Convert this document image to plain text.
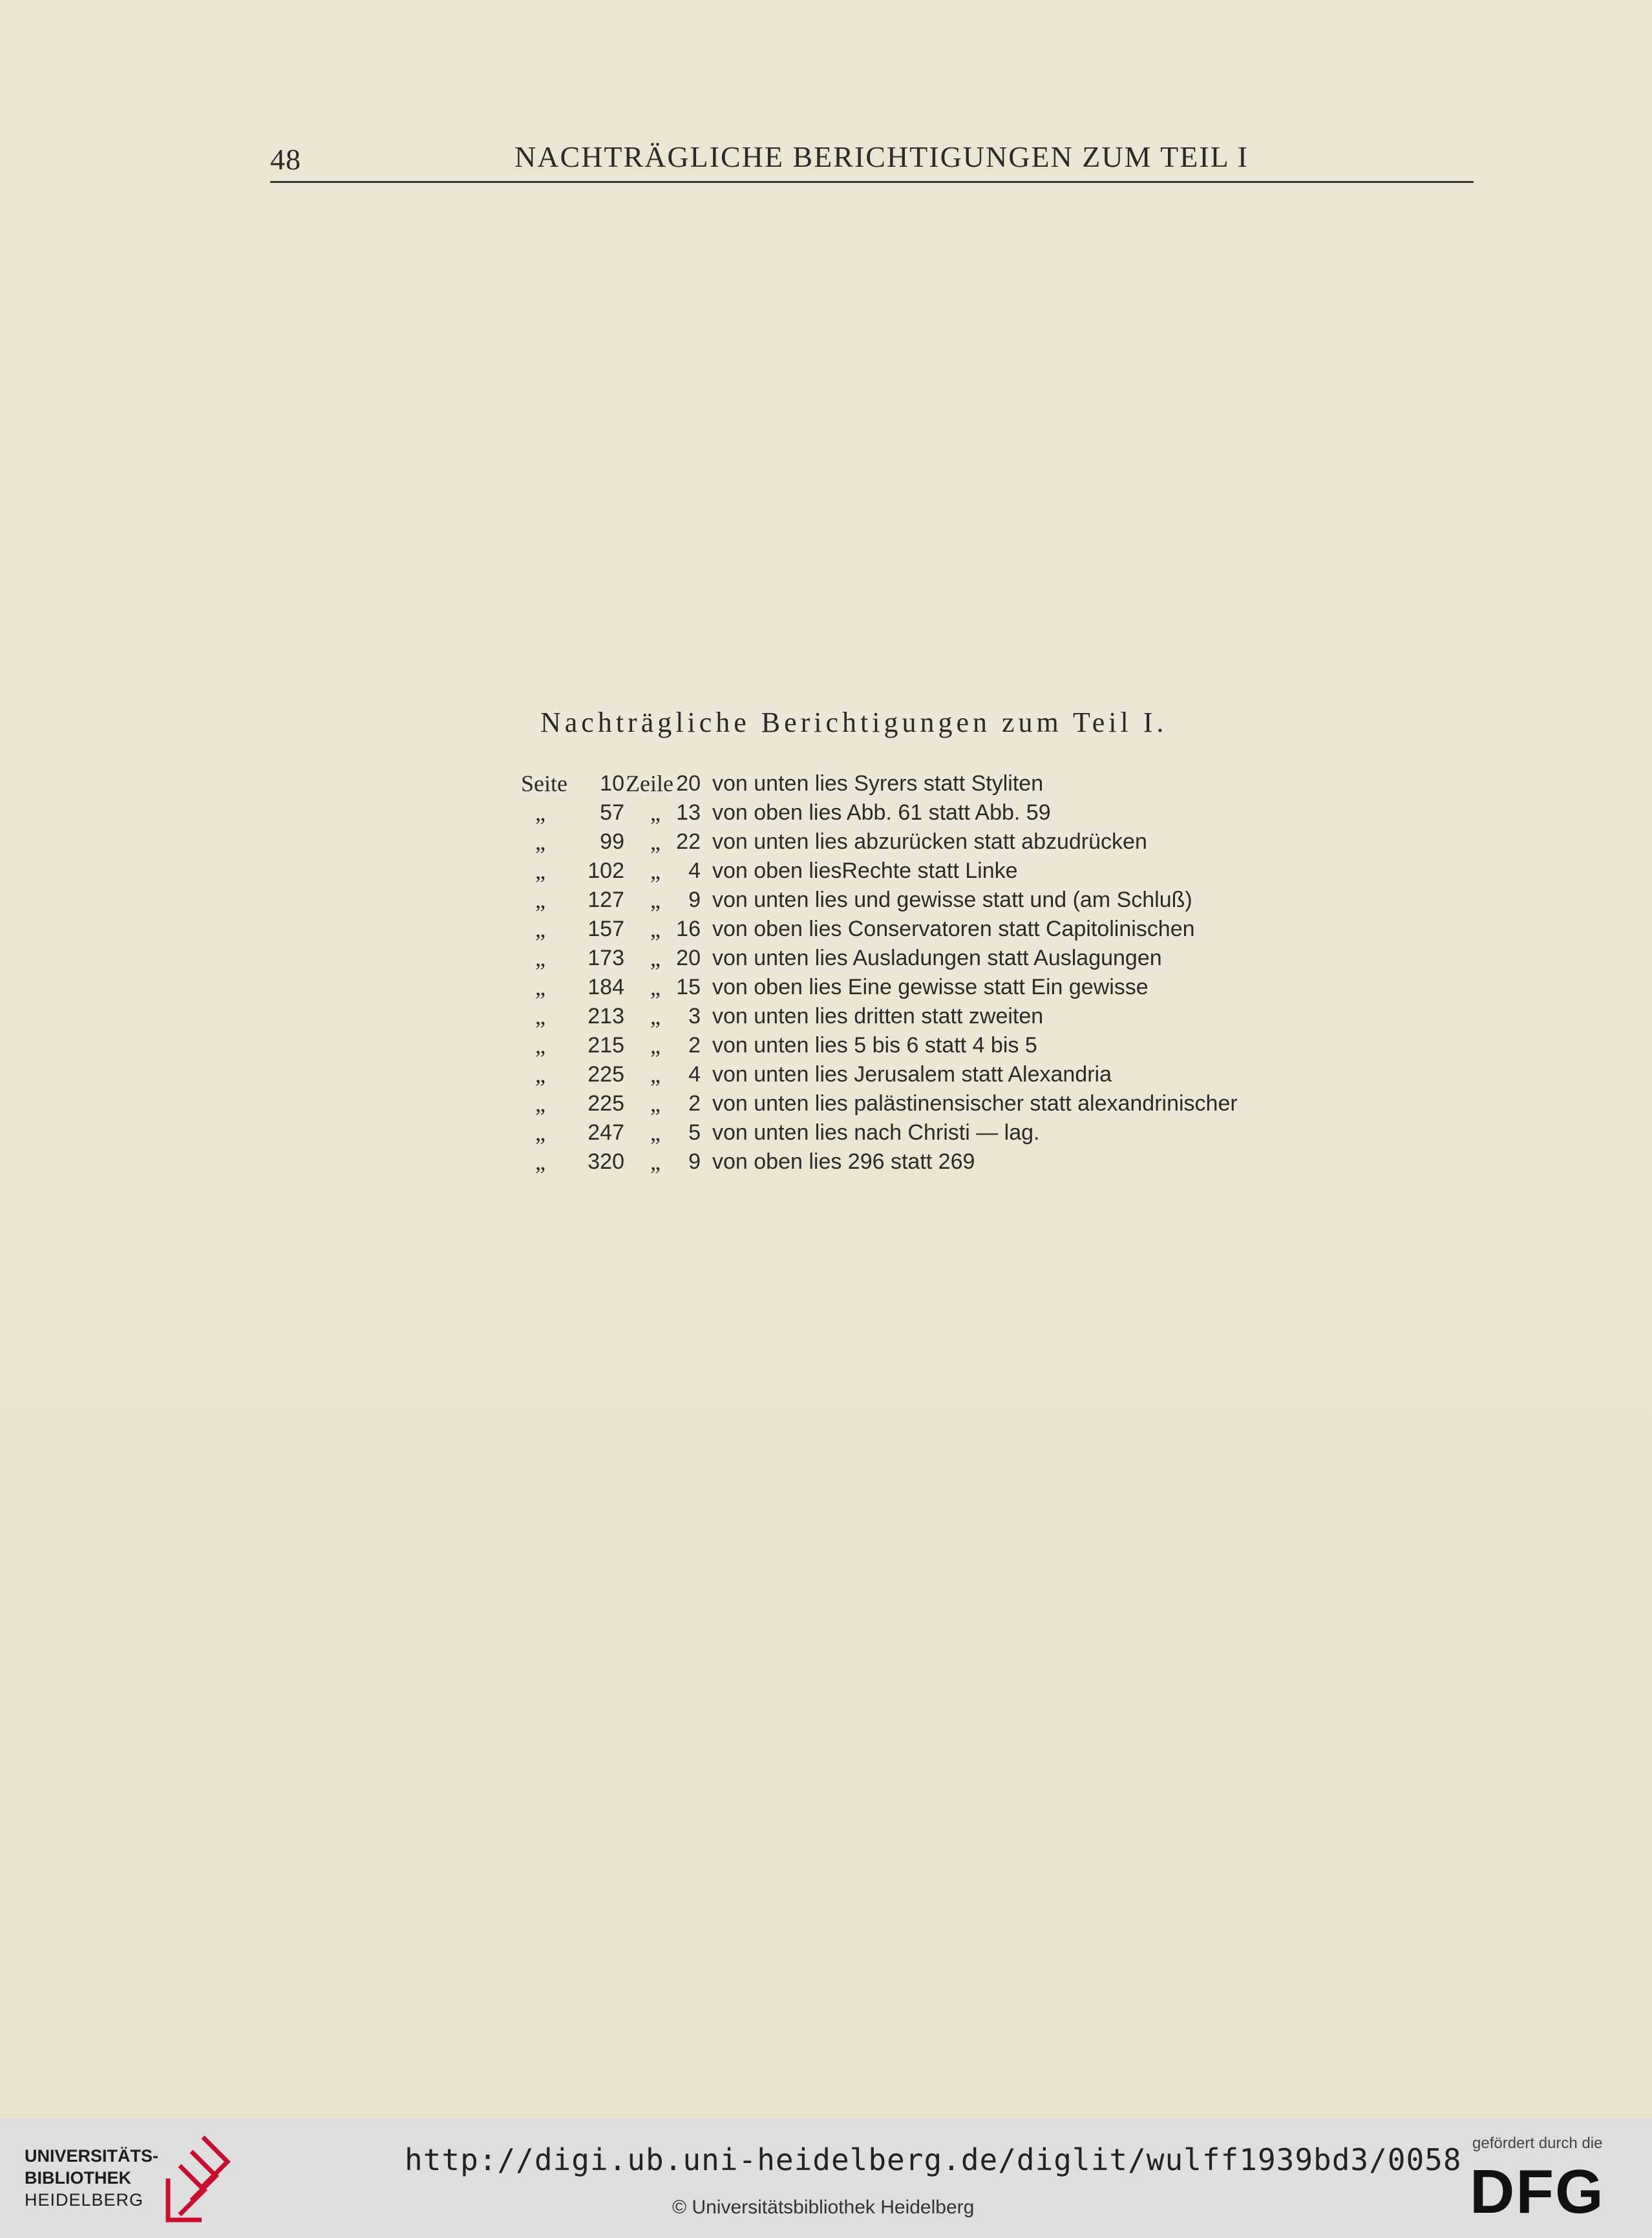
48	NACHTRÄGLICHE BERICHTIGUNGEN ZUM TEIL I
Nachträgliche Berichtigungen zum Teil I.
Seite	10 Zeile 20 von unten lies Syrers statt Styliten
„	57 „ 13 von oben lies Abb. 61 statt Abb. 59
„	99 „ 22 von unten lies abzurücken statt abzudrücken
„	102 „	4 von oben liesRechte statt Linke
„	127 „	9 von unten lies und gewisse statt und (am Schluß)
„	157 „ 16 von oben lies Conservatoren statt Capitolinischen
„	173 „ 20 von unten lies Ausladungen statt Auslagungen
„	184 „ 15 von oben lies Eine gewisse statt Ein gewisse
„	213 „	3 von unten lies dritten statt zweiten
„	215 „	2 von unten lies 5 bis 6 statt 4 bis 5
„	225 „	4 von unten lies Jerusalem statt Alexandria
„	225 „	2 von unten lies palästinensischer statt alexandrinischer
„	247 „	5 von unten lies nach Christi — lag.
„	320 „	9 von oben lies 296 statt 269
UNIVERSITÄTS-
BIBLIOTHEK
HEIDELBERG
http://digi.ub.uni-heidelberg.de/diglit/wulff1939bd3/0058
© Universitätsbibliothek Heidelberg
gefördert durch die
DFG
